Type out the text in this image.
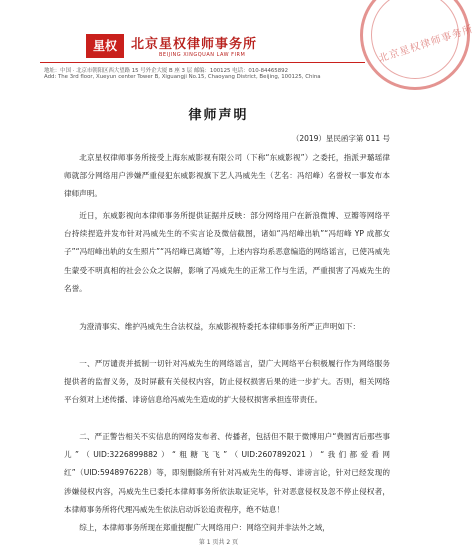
北京星权律师事务所
星权	北京星权律师事务所
BEIJING XINGQUAN LAW FIRM
地址：中国 · 北京市朝阳区西大望路 15 号外企大厦 B 座 3 层 邮编：100125 电话：010-84465892
Add: The 3rd floor, Xueyun center Tower B, Xiguangji No.15, Chaoyang District, Beijing, 100125, China
律师声明
（2019）星民函字第 011 号

北京星权律师事务所接受上海东威影视有限公司（下称“东威影视”）之委托，指派尹璐瑶律师就部分网络用户涉嫌严重侵犯东威影视旗下艺人冯威先生（艺名：冯绍峰）名誉权一事发布本律师声明。

近日，东威影视向本律师事务所提供证据并反映：部分网络用户在新浪微博、豆瓣等网络平台持续捏造并发布针对冯威先生的不实言论及微信截图，诸如“冯绍峰出轨”“冯绍峰 YP 成都女子”“冯绍峰出轨的女生照片”“冯绍峰已离婚”等，上述内容均系恶意编造的网络谣言，已使冯威先生蒙受不明真相的社会公众之误解，影响了冯威先生的正常工作与生活，严重损害了冯威先生的名誉。

为澄清事实、维护冯威先生合法权益，东威影视特委托本律师事务所严正声明如下：

一、严厉谴责并抵制一切针对冯威先生的网络谣言，望广大网络平台积极履行作为网络服务提供者的监督义务，及时屏蔽有关侵权内容，防止侵权损害后果的进一步扩大。否则，相关网络平台须对上述传播、诽谤信息给冯威先生造成的扩大侵权损害承担连带责任。

二、严正警告相关不实信息的网络发布者、传播者，包括但不限于微博用户“费圆宵后那些事儿”（UID:3226899882）“粗糖飞飞”（UID:2607892021）“我们都爱看网红”（UID:5948976228）等，即刻删除所有针对冯威先生的侮辱、诽谤言论，针对已经发现的涉嫌侵权内容，冯威先生已委托本律师事务所依法取证完毕，针对恶意侵权及忽不停止侵权者，本律师事务所将代理冯威先生依法启动诉讼追责程序，绝不姑息！

综上，本律师事务所现在郑重提醒广大网络用户：网络空间并非法外之域，

第 1 页共 2 页
